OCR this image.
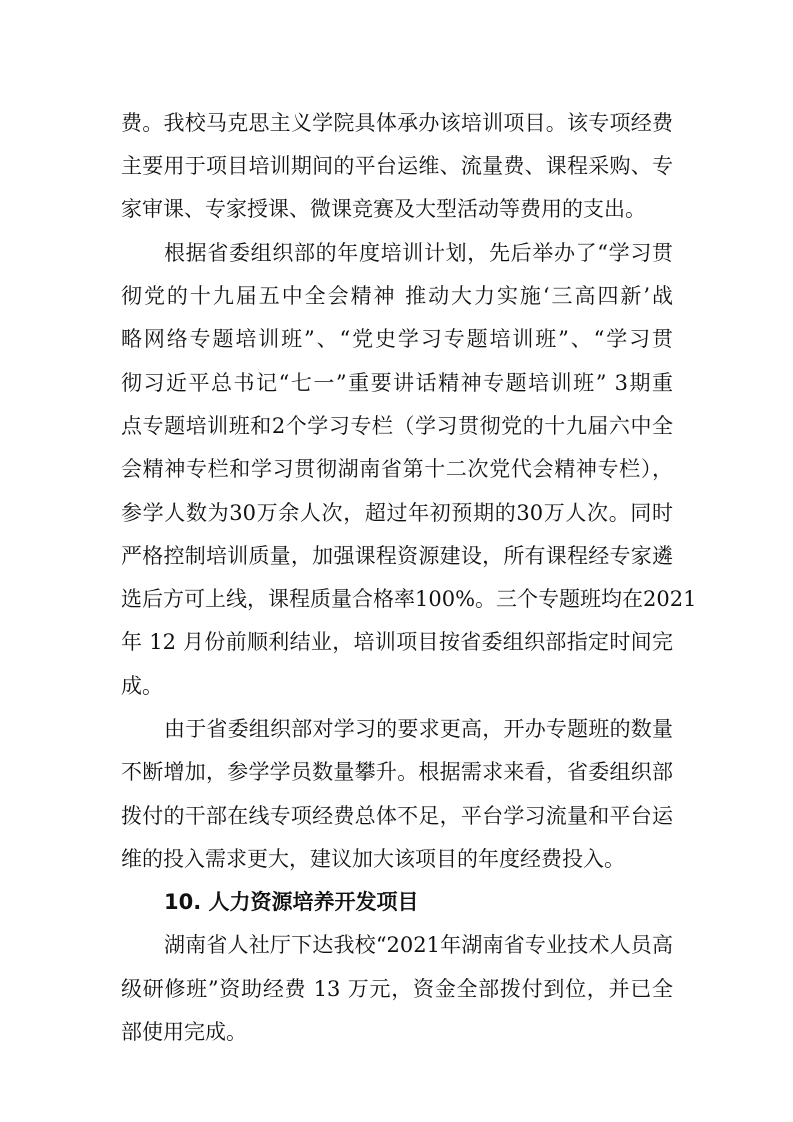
费。我校马克思主义学院具体承办该培训项目。该专项经费
主要用于项目培训期间的平台运维、流量费、课程采购、专
家审课、专家授课、微课竞赛及大型活动等费用的支出。
根据省委组织部的年度培训计划，先后举办了“学习贯
彻党的十九届五中全会精神 推动大力实施‘三高四新’战
略网络专题培训班”、“党史学习专题培训班”、“学习贯
彻习近平总书记“七一”重要讲话精神专题培训班” 3期重
点专题培训班和2个学习专栏（学习贯彻党的十九届六中全
会精神专栏和学习贯彻湖南省第十二次党代会精神专栏），
参学人数为30万余人次，超过年初预期的30万人次。同时
严格控制培训质量，加强课程资源建设，所有课程经专家遴
选后方可上线，课程质量合格率100%。三个专题班均在2021
年 12 月份前顺利结业，培训项目按省委组织部指定时间完
成。
由于省委组织部对学习的要求更高，开办专题班的数量
不断增加，参学学员数量攀升。根据需求来看，省委组织部
拨付的干部在线专项经费总体不足，平台学习流量和平台运
维的投入需求更大，建议加大该项目的年度经费投入。
10. 人力资源培养开发项目
湖南省人社厅下达我校“2021年湖南省专业技术人员高
级研修班”资助经费 13 万元，资金全部拨付到位，并已全
部使用完成。
